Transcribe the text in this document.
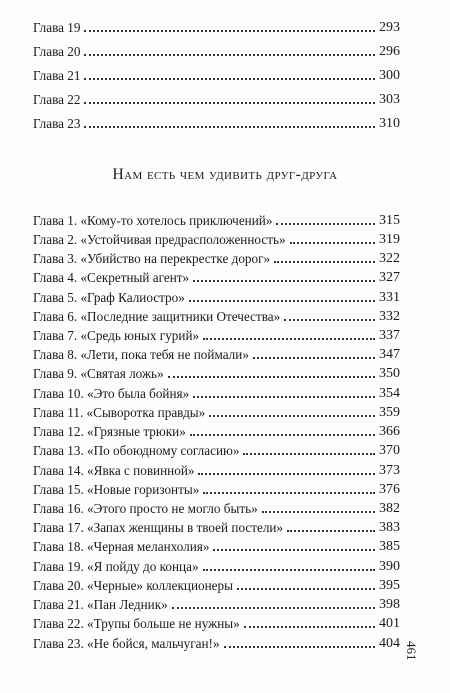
Глава 19	293
Глава 20	296
Глава 21	300
Глава 22	303
Глава 23	310
Нам есть чем удивить друг-друга
Глава 1. «Кому-то хотелось приключений»	315
Глава 2. «Устойчивая предрасположенность»	319
Глава 3. «Убийство на перекрестке дорог»	322
Глава 4. «Секретный агент»	327
Глава 5. «Граф Калиостро»	331
Глава 6. «Последние защитники Отечества»	332
Глава 7. «Средь юных гурий»	337
Глава 8. «Лети, пока тебя не поймали»	347
Глава 9. «Святая ложь»	350
Глава 10. «Это была бойня»	354
Глава 11. «Сыворотка правды»	359
Глава 12. «Грязные трюки»	366
Глава 13. «По обоюдному согласию»	370
Глава 14. «Явка с повинной»	373
Глава 15. «Новые горизонты»	376
Глава 16. «Этого просто не могло быть»	382
Глава 17. «Запах женщины в твоей постели»	383
Глава 18. «Черная меланхолия»	385
Глава 19. «Я пойду до конца»	390
Глава 20. «Черные» коллекционеры	395
Глава 21. «Пан Ледник»	398
Глава 22. «Трупы больше не нужны»	401
Глава 23. «Не бойся, мальчуган!»	404 461
